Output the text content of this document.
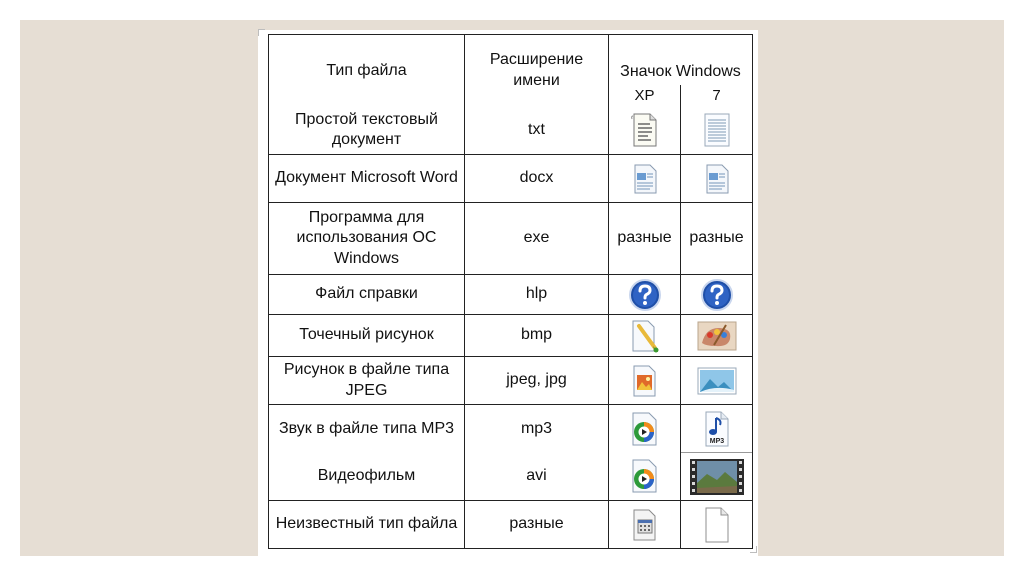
Тип файла	Расширение имени	Значок Windows	
		XP	7
Простой текстовый документ	txt	

Документ Microsoft Word	docx	

Программа для использования ОС Windows	exe	разные	разные
Файл справки	hlp	

Точечный рисунок	bmp	

Рисунок в файле типа JPEG	jpeg, jpg	

Звук в файле типа MP3	mp3		MP3

Видеофильм	avi	

Неизвестный тип файла	разные	
